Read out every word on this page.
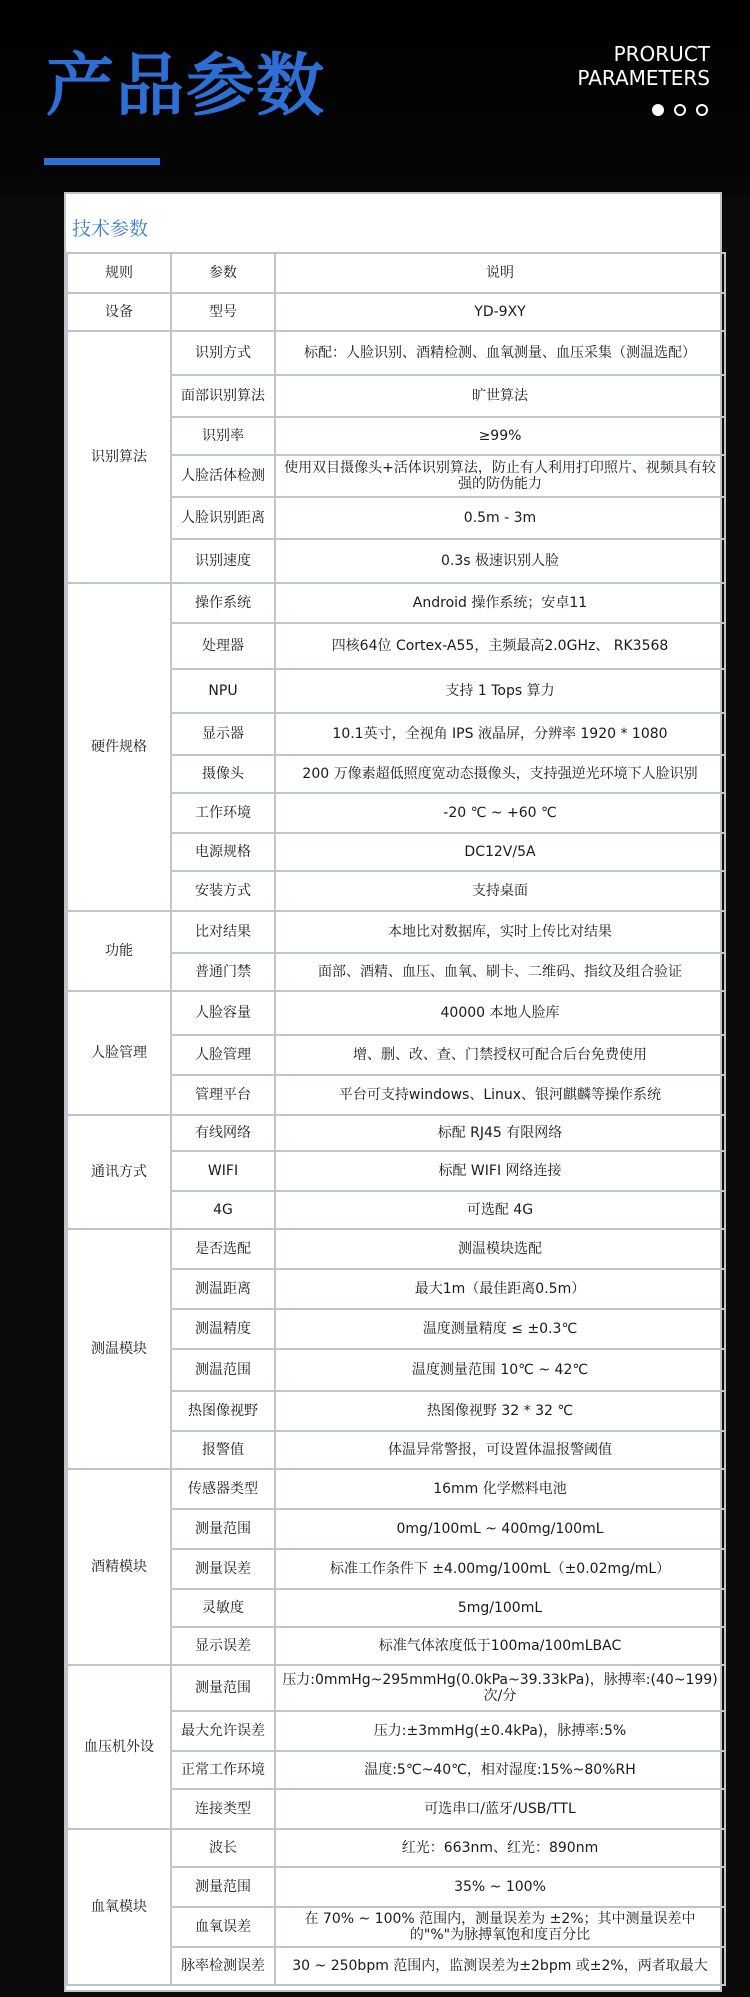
产品参数	PRORUCT
PARAMETERS
技术参数
规则	参数	说明
设备	型号	YD-9XY
识别算法	识别方式	标配：人脸识别、酒精检测、血氧测量、血压采集（测温选配）
	面部识别算法	旷世算法
	识别率	≥99%
	人脸活体检测	使用双目摄像头+活体识别算法，防止有人利用打印照片、视频具有较强的防伪能力
	人脸识别距离	0.5m - 3m
	识别速度	0.3s 极速识别人脸
硬件规格	操作系统	Android 操作系统；安卓11
	处理器	四核64位 Cortex-A55，主频最高2.0GHz、 RK3568
	NPU	支持 1 Tops 算力
	显示器	10.1英寸，全视角 IPS 液晶屏，分辨率 1920 * 1080
	摄像头	200 万像素超低照度宽动态摄像头，支持强逆光环境下人脸识别
	工作环境	-20 ℃ ~ +60 ℃
	电源规格	DC12V/5A
	安装方式	支持桌面
功能	比对结果	本地比对数据库，实时上传比对结果
	普通门禁	面部、酒精、血压、血氧、刷卡、二维码、指纹及组合验证
人脸管理	人脸容量	40000 本地人脸库
	人脸管理	增、删、改、查、门禁授权可配合后台免费使用
	管理平台	平台可支持windows、Linux、银河麒麟等操作系统
通讯方式	有线网络	标配 RJ45 有限网络
	WIFI	标配 WIFI 网络连接
	4G	可选配 4G
测温模块	是否选配	测温模块选配
	测温距离	最大1m（最佳距离0.5m）
	测温精度	温度测量精度 ≤ ±0.3℃
	测温范围	温度测量范围 10℃ ~ 42℃
	热图像视野	热图像视野 32 * 32 ℃
	报警值	体温异常警报，可设置体温报警阈值
酒精模块	传感器类型	16mm 化学燃料电池
	测量范围	0mg/100mL ~ 400mg/100mL
	测量误差	标准工作条件下 ±4.00mg/100mL（±0.02mg/mL）
	灵敏度	5mg/100mL
	显示误差	标准气体浓度低于100ma/100mLBAC
血压机外设	测量范围	压力:0mmHg~295mmHg(0.0kPa~39.33kPa)，脉搏率:(40~199)次/分
	最大允许误差	压力:±3mmHg(±0.4kPa)，脉搏率:5%
	正常工作环境	温度:5℃~40℃，相对湿度:15%~80%RH
	连接类型	可选串口/蓝牙/USB/TTL
血氧模块	波长	红光：663nm、红光：890nm
	测量范围	35% ~ 100%
	血氧误差	在 70% ~ 100% 范围内，测量误差为 ±2%；其中测量误差中的"%"为脉搏氧饱和度百分比
	脉率检测误差	30 ~ 250bpm 范围内，监测误差为±2bpm 或±2%，两者取最大
